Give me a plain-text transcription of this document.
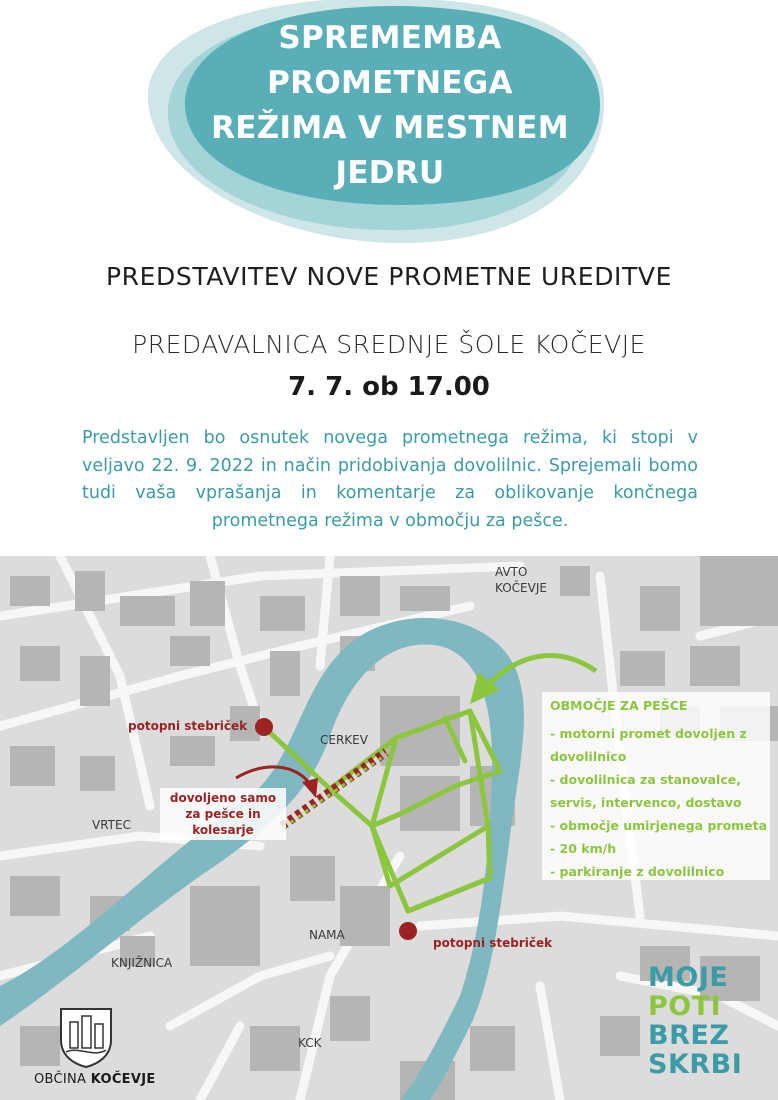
SPREMEMBA
PROMETNEGA
REŽIMA V MESTNEM
JEDRU
PREDSTAVITEV NOVE PROMETNE UREDITVE
PREDAVALNICA SREDNJE ŠOLE KOČEVJE
7. 7. ob 17.00
Predstavljen bo osnutek novega prometnega režima, ki stopi v veljavo 22. 9. 2022 in način pridobivanja dovolilnic. Sprejemali bomo tudi vaša vprašanja in komentarje za oblikovanje končnega prometnega režima v območju za pešce.
AVTO
KOČEVJE
CERKEV
VRTEC
NAMA
KNJIŽNICA
KCK
potopni stebriček
potopni stebriček
dovoljeno samo
za pešce in
kolesarje
OBMOČJE ZA PEŠCE
- motorni promet dovoljen z dovolilnico
- dovolilnica za stanovalce, servis, intervenco, dostavo
- območje umirjenega prometa
- 20 km/h
- parkiranje z dovolilnico
MOJE
POTI
BREZ
SKRBI
OBČINA KOČEVJE
